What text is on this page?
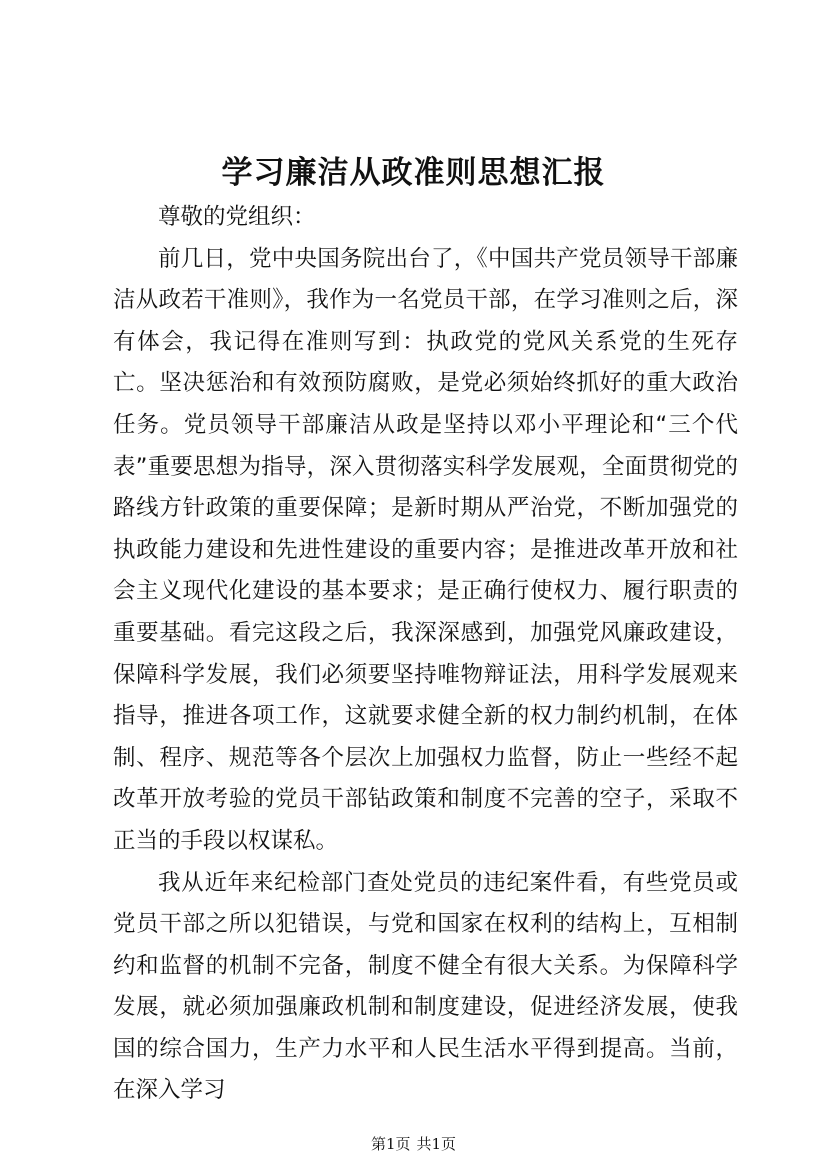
学习廉洁从政准则思想汇报
尊敬的党组织：

前几日，党中央国务院出台了，《中国共产党员领导干部廉洁从政若干准则》，我作为一名党员干部，在学习准则之后，深有体会，我记得在准则写到：执政党的党风关系党的生死存亡。坚决惩治和有效预防腐败，是党必须始终抓好的重大政治任务。党员领导干部廉洁从政是坚持以邓小平理论和“三个代表”重要思想为指导，深入贯彻落实科学发展观，全面贯彻党的路线方针政策的重要保障；是新时期从严治党，不断加强党的执政能力建设和先进性建设的重要内容；是推进改革开放和社会主义现代化建设的基本要求；是正确行使权力、履行职责的重要基础。看完这段之后，我深深感到，加强党风廉政建设，保障科学发展，我们必须要坚持唯物辩证法，用科学发展观来指导，推进各项工作，这就要求健全新的权力制约机制，在体制、程序、规范等各个层次上加强权力监督，防止一些经不起改革开放考验的党员干部钻政策和制度不完善的空子，采取不正当的手段以权谋私。

我从近年来纪检部门查处党员的违纪案件看，有些党员或党员干部之所以犯错误，与党和国家在权利的结构上，互相制约和监督的机制不完备，制度不健全有很大关系。为保障科学发展，就必须加强廉政机制和制度建设，促进经济发展，使我国的综合国力，生产力水平和人民生活水平得到提高。当前，在深入学习

第1页 共1页
